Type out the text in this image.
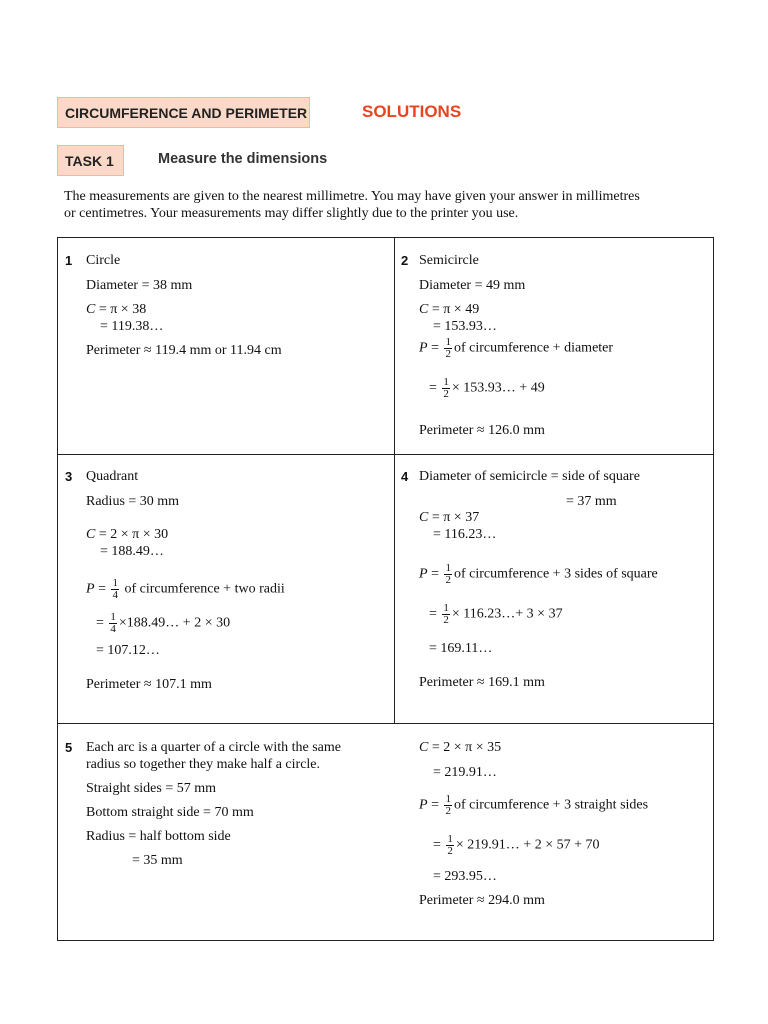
CIRCUMFERENCE AND PERIMETER	SOLUTIONS
TASK 1	Measure the dimensions
The measurements are given to the nearest millimetre. You may have given your answer in millimetres
or centimetres. Your measurements may differ slightly due to the printer you use.
1 Circle
Diameter = 38 mm
C = π × 38
= 119.38…
Perimeter ≈ 119.4 mm or 11.94 cm
2 Semicircle
Diameter = 49 mm
C = π × 49
= 153.93…
$P = \frac{1}{2}$ of circumference + diameter
= $\frac{1}{2}$ × 153.93… + 49
Perimeter ≈ 126.0 mm
3 Quadrant
Radius = 30 mm
C = 2 × π × 30
= 188.49…
$P = \frac{1}{4}$ of circumference + two radii
= $\frac{1}{4}$ ×188.49… + 2 × 30
= 107.12…
Perimeter ≈ 107.1 mm
4 Diameter of semicircle = side of square
= 37 mm
C = π × 37
= 116.23…
$P = \frac{1}{2}$ of circumference + 3 sides of square
= $\frac{1}{2}$ × 116.23…+ 3 × 37
= 169.11…
Perimeter ≈ 169.1 mm
5 Each arc is a quarter of a circle with the same
radius so together they make half a circle.
Straight sides = 57 mm
Bottom straight side = 70 mm
Radius = half bottom side
= 35 mm
C = 2 × π × 35
= 219.91…
$P = \frac{1}{2}$ of circumference + 3 straight sides
= $\frac{1}{2}$ × 219.91… + 2 × 57 + 70
= 293.95…
Perimeter ≈ 294.0 mm
